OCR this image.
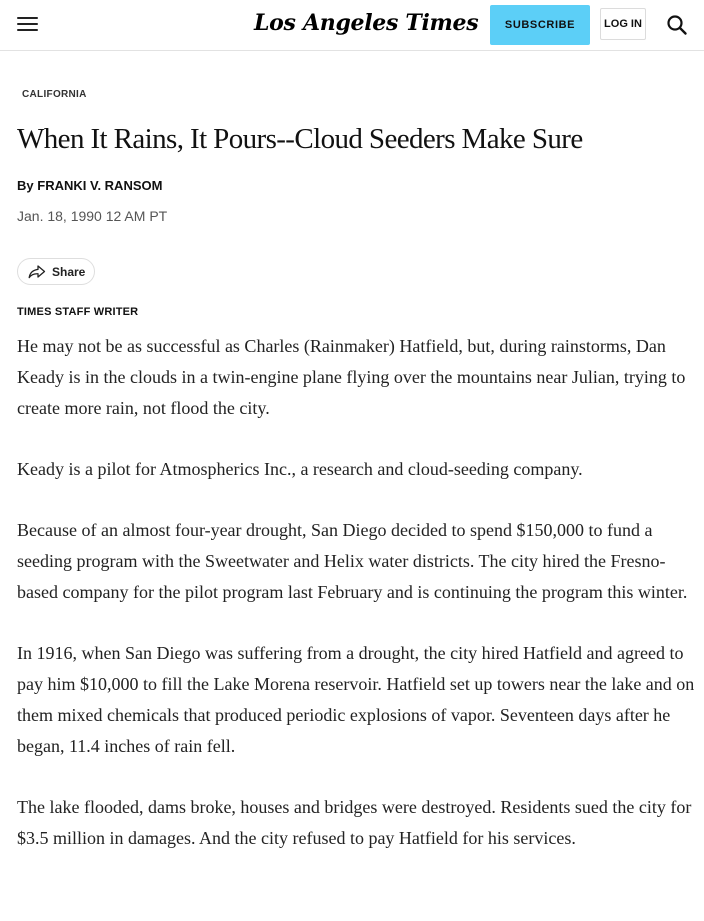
Los Angeles Times	SUBSCRIBE	LOG IN
CALIFORNIA
When It Rains, It Pours--Cloud Seeders Make Sure
By FRANKI V. RANSOM
Jan. 18, 1990 12 AM PT
Share
TIMES STAFF WRITER

He may not be as successful as Charles (Rainmaker) Hatfield, but, during rainstorms, Dan Keady is in the clouds in a twin-engine plane flying over the mountains near Julian, trying to create more rain, not flood the city.

Keady is a pilot for Atmospherics Inc., a research and cloud-seeding company.

Because of an almost four-year drought, San Diego decided to spend $150,000 to fund a seeding program with the Sweetwater and Helix water districts. The city hired the Fresno-based company for the pilot program last February and is continuing the program this winter.

In 1916, when San Diego was suffering from a drought, the city hired Hatfield and agreed to pay him $10,000 to fill the Lake Morena reservoir. Hatfield set up towers near the lake and on them mixed chemicals that produced periodic explosions of vapor. Seventeen days after he began, 11.4 inches of rain fell.

The lake flooded, dams broke, houses and bridges were destroyed. Residents sued the city for $3.5 million in damages. And the city refused to pay Hatfield for his services.
